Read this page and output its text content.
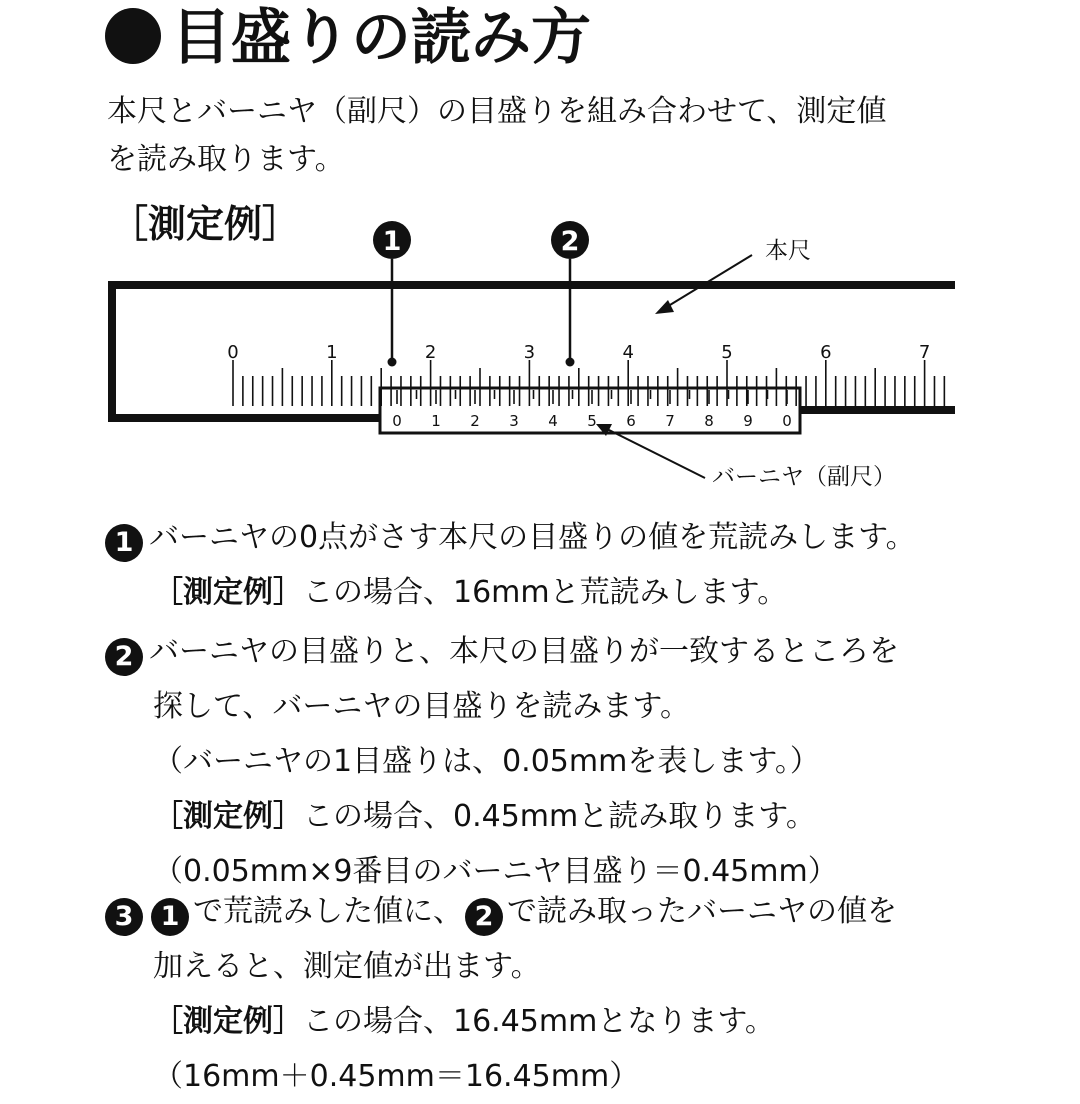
目盛りの読み方
本尺とバーニヤ（副尺）の目盛りを組み合わせて、測定値
を読み取ります。
［測定例］	1	2	本尺
バーニヤ（副尺）
0	1	2	3	4	5	6	7
0 1 2 3 4 5 6 7 8 9 0
1 バーニヤの0点がさす本尺の目盛りの値を荒読みします。
［測定例］この場合、16mmと荒読みします。
2 バーニヤの目盛りと、本尺の目盛りが一致するところを
探して、バーニヤの目盛りを読みます。
（バーニヤの1目盛りは、0.05mmを表します。）
［測定例］この場合、0.45mmと読み取ります。
（0.05mm×9番目のバーニヤ目盛り＝0.45mm）
3 1 で荒読みした値に、 2 で読み取ったバーニヤの値を
加えると、測定値が出ます。
［測定例］この場合、16.45mmとなります。
（16mm＋0.45mm＝16.45mm）
